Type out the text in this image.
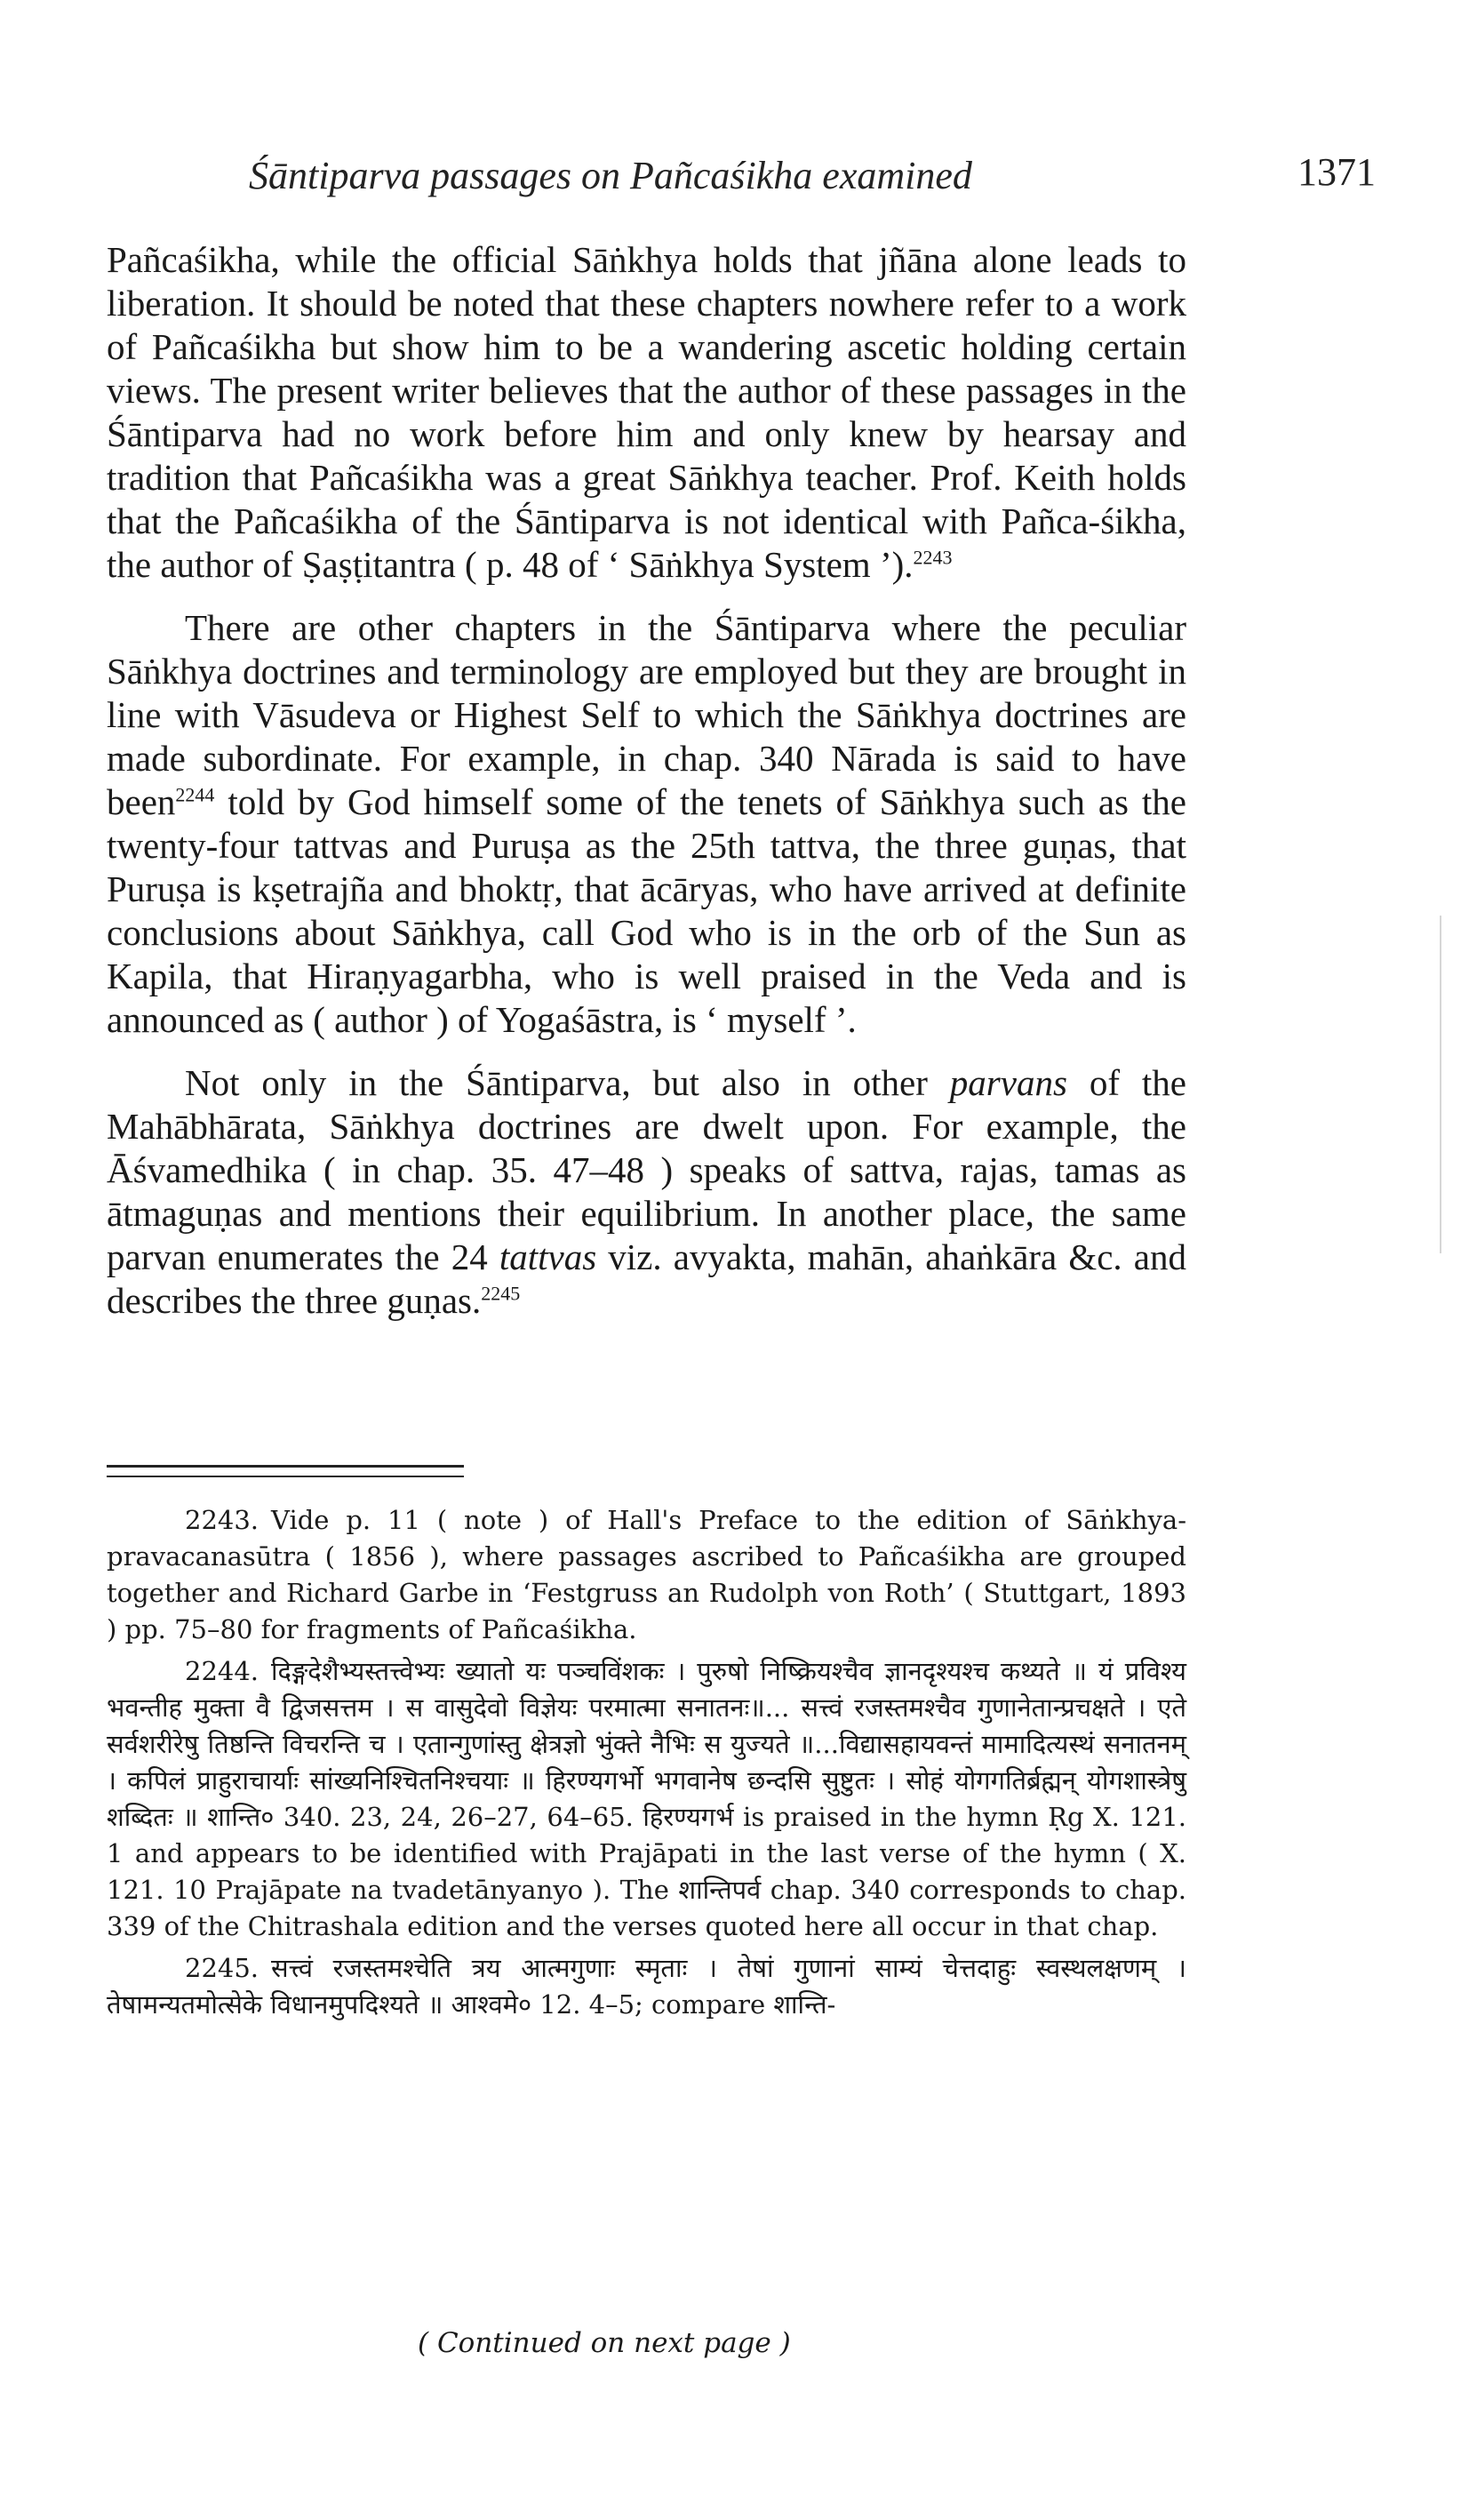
Śāntiparva passages on Pañcaśikha examined	1371

Pañcaśikha, while the official Sāṅkhya holds that jñāna alone leads to liberation. It should be noted that these chapters nowhere refer to a work of Pañcaśikha but show him to be a wandering ascetic holding certain views. The present writer believes that the author of these passages in the Śāntiparva had no work before him and only knew by hearsay and tradition that Pañcaśikha was a great Sāṅkhya teacher. Prof. Keith holds that the Pañcaśikha of the Śāntiparva is not identical with Pañca-śikha, the author of Ṣaṣṭitantra ( p. 48 of ‘ Sāṅkhya System ’).$^{2243}$

There are other chapters in the Śāntiparva where the peculiar Sāṅkhya doctrines and terminology are employed but they are brought in line with Vāsudeva or Highest Self to which the Sāṅkhya doctrines are made subordinate. For example, in chap. 340 Nārada is said to have been$^{2244}$ told by God himself some of the tenets of Sāṅkhya such as the twenty-four tattvas and Puruṣa as the 25th tattva, the three guṇas, that Puruṣa is kṣetrajña and bhoktṛ, that ācāryas, who have arrived at definite conclusions about Sāṅkhya, call God who is in the orb of the Sun as Kapila, that Hiraṇyagarbha, who is well praised in the Veda and is announced as ( author ) of Yogaśāstra, is ‘ myself ’.

Not only in the Śāntiparva, but also in other parvans of the Mahābhārata, Sāṅkhya doctrines are dwelt upon. For example, the Āśvamedhika ( in chap. 35. 47–48 ) speaks of sattva, rajas, tamas as ātmaguṇas and mentions their equilibrium. In another place, the same parvan enumerates the 24 tattvas viz. avyakta, mahān, ahaṅkāra &c. and describes the three guṇas.$^{2245}$

2243. Vide p. 11 ( note ) of Hall's Preface to the edition of Sāṅkhya-pravacanasūtra ( 1856 ), where passages ascribed to Pañcaśikha are grouped together and Richard Garbe in ‘Festgruss an Rudolph von Roth’ ( Stuttgart, 1893 ) pp. 75–80 for fragments of Pañcaśikha.

2244. दिङ्गदेशैभ्यस्तत्त्वेभ्यः ख्यातो यः पञ्चविंशकः । पुरुषो निष्क्रियश्चैव ज्ञानदृश्यश्च कथ्यते ॥ यं प्रविश्य भवन्तीह मुक्ता वै द्विजसत्तम । स वासुदेवो विज्ञेयः परमात्मा सनातनः॥... सत्त्वं रजस्तमश्चैव गुणानेतान्प्रचक्षते । एते सर्वशरीरेषु तिष्ठन्ति विचरन्ति च । एतान्गुणांस्तु क्षेत्रज्ञो भुंक्ते नैभिः स युज्यते ॥...विद्यासहायवन्तं मामादित्यस्थं सनातनम् । कपिलं प्राहुराचार्याः सांख्यनिश्चितनिश्चयाः ॥ हिरण्यगर्भो भगवानेष छन्दसि सुष्टुतः । सोहं योगगतिर्ब्रह्मन् योगशास्त्रेषु शब्दितः ॥ शान्ति० 340. 23, 24, 26–27, 64–65. हिरण्यगर्भ is praised in the hymn Ṛg X. 121. 1 and appears to be identified with Prajāpati in the last verse of the hymn ( X. 121. 10 Prajāpate na tvadetānyanyo ). The शान्तिपर्व chap. 340 corresponds to chap. 339 of the Chitrashala edition and the verses quoted here all occur in that chap.

2245. सत्त्वं रजस्तमश्चेति त्रय आत्मगुणाः स्मृताः । तेषां गुणानां साम्यं चेत्तदाहुः स्वस्थलक्षणम् । तेषामन्यतमोत्सेके विधानमुपदिश्यते ॥ आश्वमे० 12. 4–5; compare शान्ति-

( Continued on next page )
